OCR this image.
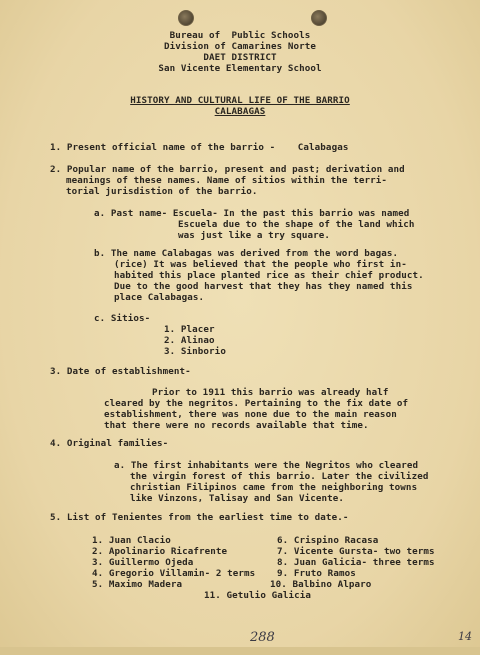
Bureau of  Public Schools
Division of Camarines Norte
DAET DISTRICT
San Vicente Elementary School
HISTORY AND CULTURAL LIFE OF THE BARRIO
CALABAGAS
1. Present official name of the barrio -    Calabagas
2. Popular name of the barrio, present and past; derivation and
meanings of these names. Name of sitios within the terri-
torial jurisdistion of the barrio.
a. Past name- Escuela- In the past this barrio was named
Escuela due to the shape of the land which
was just like a try square.
b. The name Calabagas was derived from the word bagas.
(rice) It was believed that the people who first in-
habited this place planted rice as their chief product.
Due to the good harvest that they has they named this
place Calabagas.
c. Sitios-
1. Placer
2. Alinao
3. Sinborio
3. Date of establishment-
Prior to 1911 this barrio was already half
cleared by the negritos. Pertaining to the fix date of
establishment, there was none due to the main reason
that there were no records available that time.
4. Original families-
a. The first inhabitants were the Negritos who cleared
the virgin forest of this barrio. Later the civilized
christian Filipinos came from the neighboring towns
like Vinzons, Talisay and San Vicente.
5. List of Tenientes from the earliest time to date.-
1. Juan Clacio
2. Apolinario Ricafrente
3. Guillermo Ojeda
4. Gregorio Villamin- 2 terms
5. Maximo Madera
6. Crispino Racasa
7. Vicente Gursta- two terms
8. Juan Galicia- three terms
9. Fruto Ramos
10. Balbino Alparo
11. Getulio Galicia
288	14
